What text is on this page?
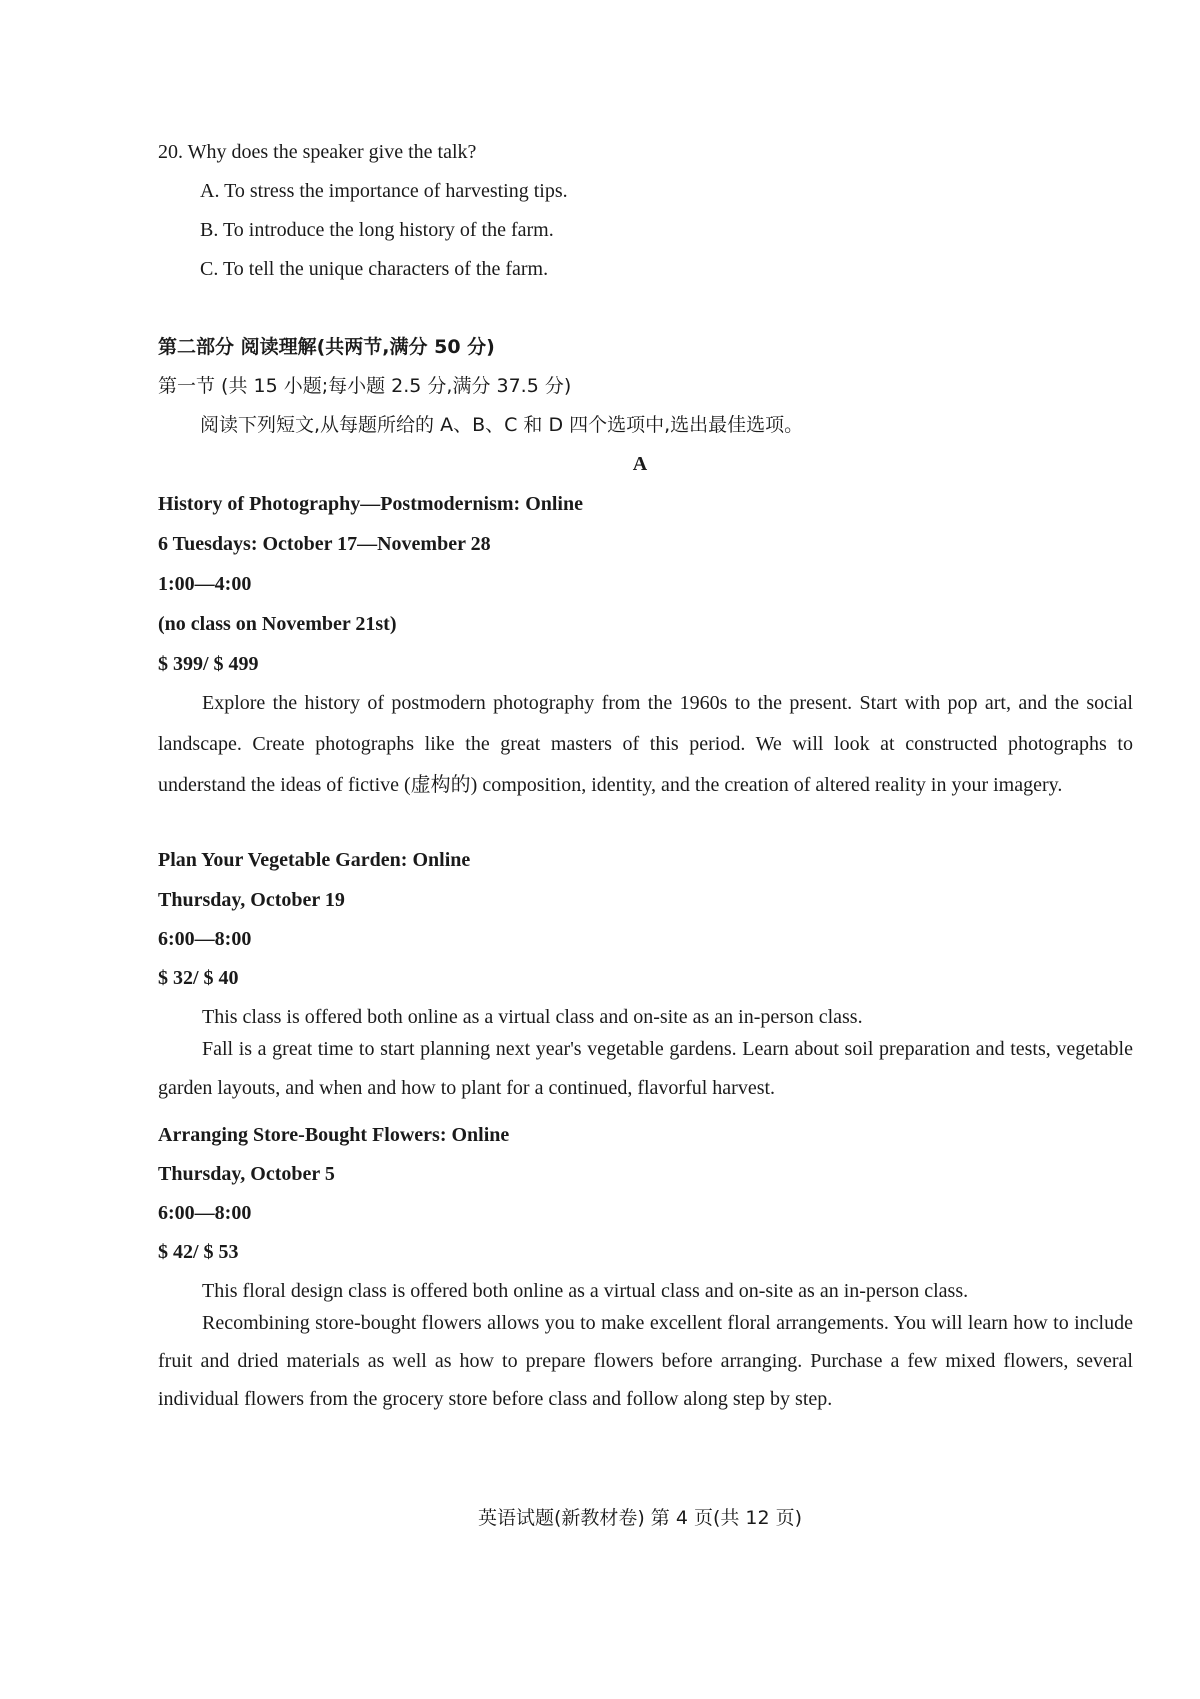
20. Why does the speaker give the talk?
A. To stress the importance of harvesting tips.
B. To introduce the long history of the farm.
C. To tell the unique characters of the farm.
第二部分 阅读理解(共两节,满分 50 分)
第一节 (共 15 小题;每小题 2.5 分,满分 37.5 分)
阅读下列短文,从每题所给的 A、B、C 和 D 四个选项中,选出最佳选项。
A
History of Photography—Postmodernism: Online
6 Tuesdays: October 17—November 28
1:00—4:00
(no class on November 21st)
$ 399/ $ 499
Explore the history of postmodern photography from the 1960s to the present. Start with pop art, and the social landscape. Create photographs like the great masters of this period. We will look at constructed photographs to understand the ideas of fictive (虚构的) composition, identity, and the creation of altered reality in your imagery.
Plan Your Vegetable Garden: Online
Thursday, October 19
6:00—8:00
$ 32/ $ 40
This class is offered both online as a virtual class and on-site as an in-person class.
Fall is a great time to start planning next year's vegetable gardens. Learn about soil preparation and tests, vegetable garden layouts, and when and how to plant for a continued, flavorful harvest.
Arranging Store-Bought Flowers: Online
Thursday, October 5
6:00—8:00
$ 42/ $ 53
This floral design class is offered both online as a virtual class and on-site as an in-person class.
Recombining store-bought flowers allows you to make excellent floral arrangements. You will learn how to include fruit and dried materials as well as how to prepare flowers before arranging. Purchase a few mixed flowers, several individual flowers from the grocery store before class and follow along step by step.
英语试题(新教材卷) 第 4 页(共 12 页)
